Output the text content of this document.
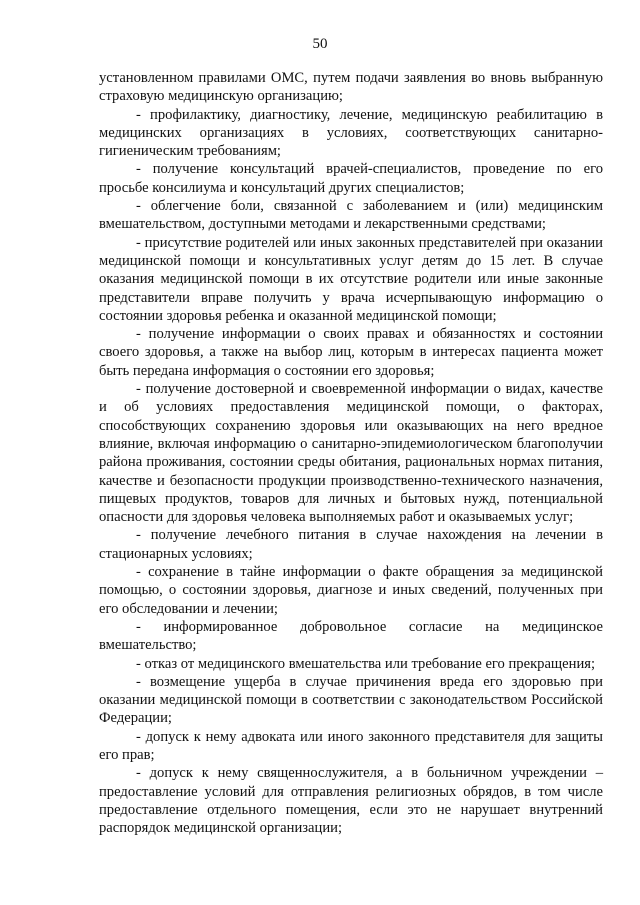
50

установленном правилами ОМС, путем подачи заявления во вновь выбранную страховую медицинскую организацию;

- профилактику, диагностику, лечение, медицинскую реабилитацию в медицинских организациях в условиях, соответствующих санитарно-гигиеническим требованиям;

- получение консультаций врачей-специалистов, проведение по его просьбе консилиума и консультаций других специалистов;

- облегчение боли, связанной с заболеванием и (или) медицинским вмешательством, доступными методами и лекарственными средствами;

- присутствие родителей или иных законных представителей при оказании медицинской помощи и консультативных услуг детям до 15 лет. В случае оказания медицинской помощи в их отсутствие родители или иные законные представители вправе получить у врача исчерпывающую информацию о состоянии здоровья ребенка и оказанной медицинской помощи;

- получение информации о своих правах и обязанностях и состоянии своего здоровья, а также на выбор лиц, которым в интересах пациента может быть передана информация о состоянии его здоровья;

- получение достоверной и своевременной информации о видах, качестве и об условиях предоставления медицинской помощи, о факторах, способствующих сохранению здоровья или оказывающих на него вредное влияние, включая информацию о санитарно-эпидемиологическом благополучии района проживания, состоянии среды обитания, рациональных нормах питания, качестве и безопасности продукции производственно-технического назначения, пищевых продуктов, товаров для личных и бытовых нужд, потенциальной опасности для здоровья человека выполняемых работ и оказываемых услуг;

- получение лечебного питания в случае нахождения на лечении в стационарных условиях;

- сохранение в тайне информации о факте обращения за медицинской помощью, о состоянии здоровья, диагнозе и иных сведений, полученных при его обследовании и лечении;

- информированное добровольное согласие на медицинское вмешательство;

- отказ от медицинского вмешательства или требование его прекращения;

- возмещение ущерба в случае причинения вреда его здоровью при оказании медицинской помощи в соответствии с законодательством Российской Федерации;

- допуск к нему адвоката или иного законного представителя для защиты его прав;

- допуск к нему священнослужителя, а в больничном учреждении – предоставление условий для отправления религиозных обрядов, в том числе предоставление отдельного помещения, если это не нарушает внутренний распорядок медицинской организации;
